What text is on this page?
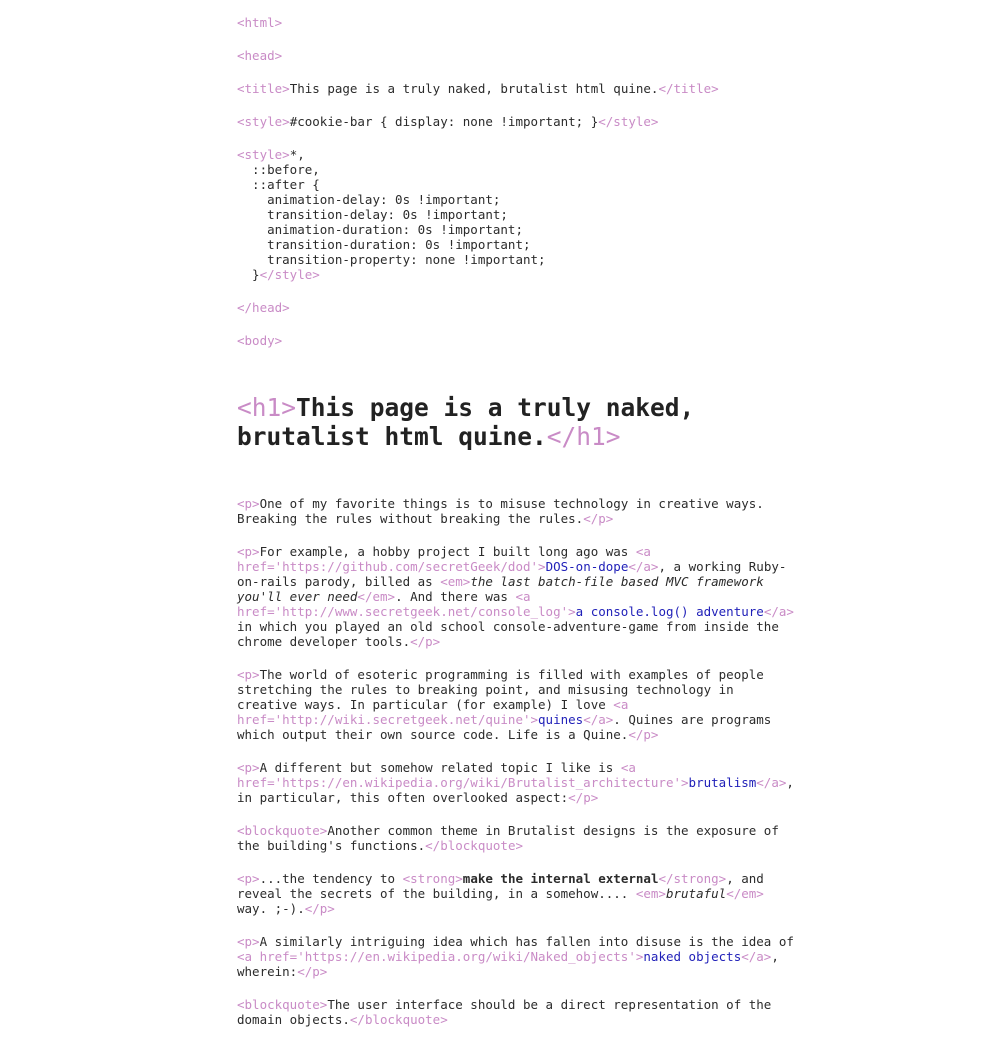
<html>
<head>
<title>This page is a truly naked, brutalist html quine.</title>
<style>#cookie-bar { display: none !important; }</style>
<style>*,
::before,
::after {
animation-delay: 0s !important;
transition-delay: 0s !important;
animation-duration: 0s !important;
transition-duration: 0s !important;
transition-property: none !important;
}</style>
</head>
<body>
<h1>This page is a truly naked, brutalist html quine.</h1>
<p>One of my favorite things is to misuse technology in creative ways. Breaking the rules without breaking the rules.</p>
<p>For example, a hobby project I built long ago was <a href='https://github.com/secretGeek/dod'>DOS-on-dope</a>, a working Ruby-on-rails parody, billed as <em>the last batch-file based MVC framework you'll ever need</em>. And there was <a href='http://www.secretgeek.net/console_log'>a console.log() adventure</a> in which you played an old school console-adventure-game from inside the chrome developer tools.</p>
<p>The world of esoteric programming is filled with examples of people stretching the rules to breaking point, and misusing technology in creative ways. In particular (for example) I love <a href='http://wiki.secretgeek.net/quine'>quines</a>. Quines are programs which output their own source code. Life is a Quine.</p>
<p>A different but somehow related topic I like is <a href='https://en.wikipedia.org/wiki/Brutalist_architecture'>brutalism</a>, in particular, this often overlooked aspect:</p>
<blockquote>Another common theme in Brutalist designs is the exposure of the building's functions.</blockquote>
<p>...the tendency to <strong>make the internal external</strong>, and reveal the secrets of the building, in a somehow.... <em>brutaful</em> way. ;-).</p>
<p>A similarly intriguing idea which has fallen into disuse is the idea of <a href='https://en.wikipedia.org/wiki/Naked_objects'>naked objects</a>, wherein:</p>
<blockquote>The user interface should be a direct representation of the domain objects.</blockquote>
